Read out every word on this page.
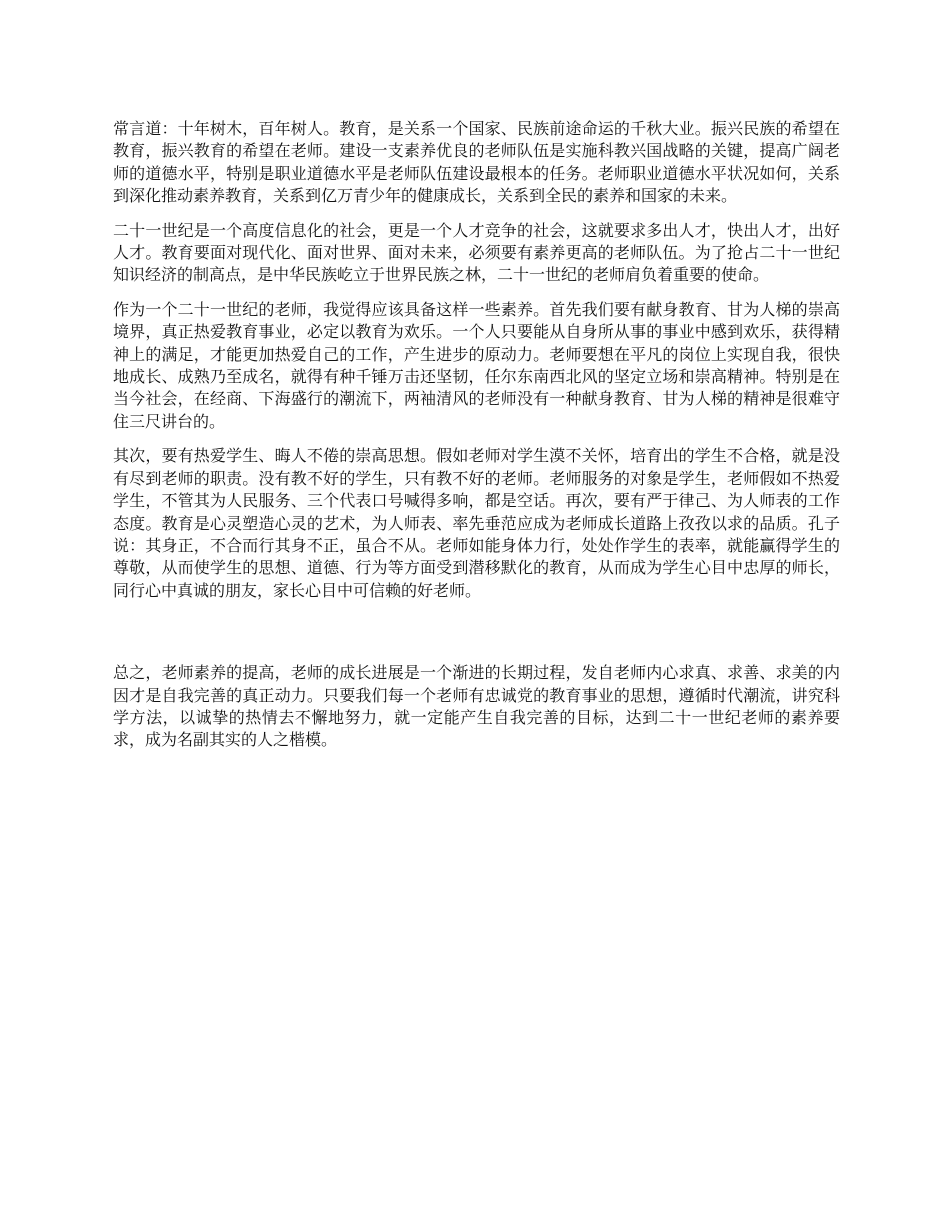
常言道：十年树木，百年树人。教育，是关系一个国家、民族前途命运的千秋大业。振兴民族的希望在教育，振兴教育的希望在老师。建设一支素养优良的老师队伍是实施科教兴国战略的关键，提高广阔老师的道德水平，特别是职业道德水平是老师队伍建设最根本的任务。老师职业道德水平状况如何，关系到深化推动素养教育，关系到亿万青少年的健康成长，关系到全民的素养和国家的未来。

二十一世纪是一个高度信息化的社会，更是一个人才竞争的社会，这就要求多出人才，快出人才，出好人才。教育要面对现代化、面对世界、面对未来，必须要有素养更高的老师队伍。为了抢占二十一世纪知识经济的制高点，是中华民族屹立于世界民族之林，二十一世纪的老师肩负着重要的使命。

作为一个二十一世纪的老师，我觉得应该具备这样一些素养。首先我们要有献身教育、甘为人梯的崇高境界，真正热爱教育事业，必定以教育为欢乐。一个人只要能从自身所从事的事业中感到欢乐，获得精神上的满足，才能更加热爱自己的工作，产生进步的原动力。老师要想在平凡的岗位上实现自我，很快地成长、成熟乃至成名，就得有种千锤万击还坚韧，任尔东南西北风的坚定立场和崇高精神。特别是在当今社会，在经商、下海盛行的潮流下，两袖清风的老师没有一种献身教育、甘为人梯的精神是很难守住三尺讲台的。

其次，要有热爱学生、晦人不倦的崇高思想。假如老师对学生漠不关怀，培育出的学生不合格，就是没有尽到老师的职责。没有教不好的学生，只有教不好的老师。老师服务的对象是学生，老师假如不热爱学生，不管其为人民服务、三个代表口号喊得多响，都是空话。再次，要有严于律己、为人师表的工作态度。教育是心灵塑造心灵的艺术，为人师表、率先垂范应成为老师成长道路上孜孜以求的品质。孔子说：其身正，不合而行其身不正，虽合不从。老师如能身体力行，处处作学生的表率，就能赢得学生的尊敬，从而使学生的思想、道德、行为等方面受到潜移默化的教育，从而成为学生心目中忠厚的师长，同行心中真诚的朋友，家长心目中可信赖的好老师。

总之，老师素养的提高，老师的成长进展是一个渐进的长期过程，发自老师内心求真、求善、求美的内因才是自我完善的真正动力。只要我们每一个老师有忠诚党的教育事业的思想，遵循时代潮流，讲究科学方法，以诚挚的热情去不懈地努力，就一定能产生自我完善的目标，达到二十一世纪老师的素养要求，成为名副其实的人之楷模。
